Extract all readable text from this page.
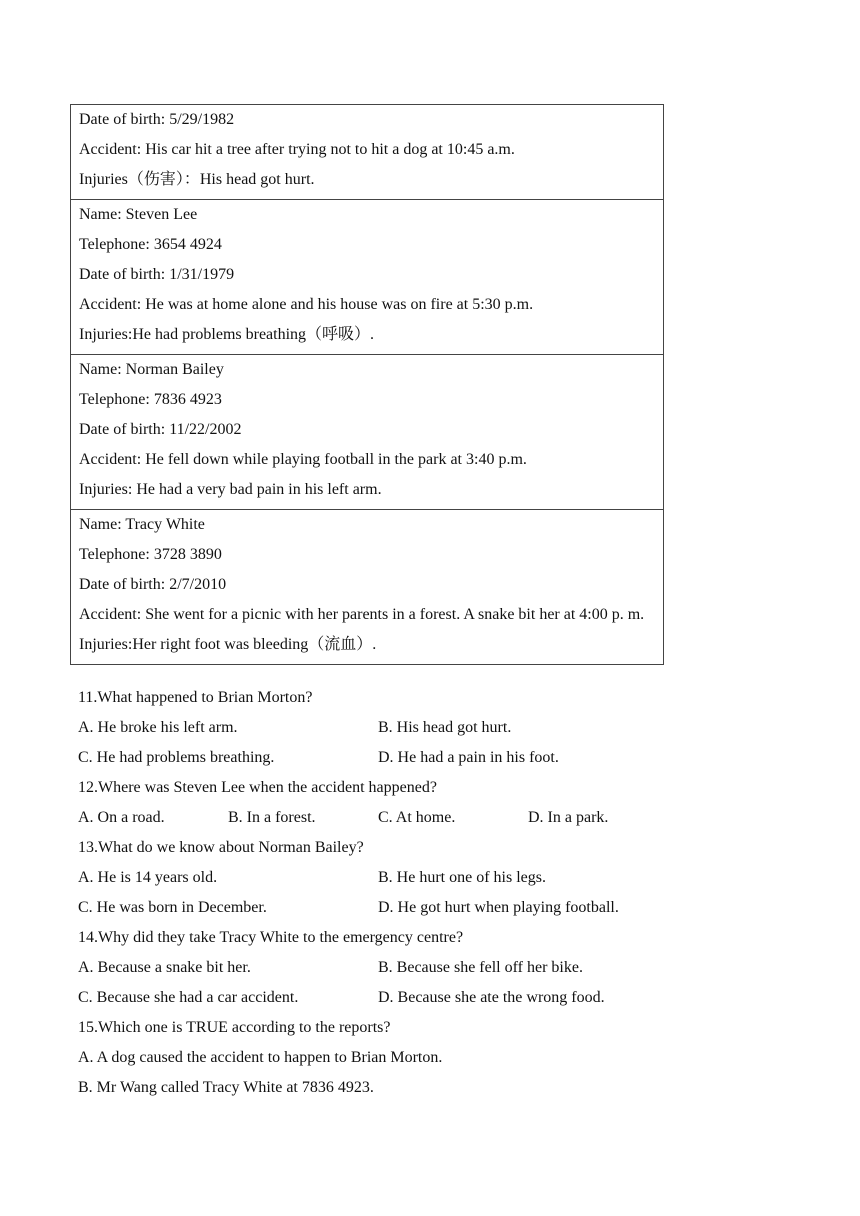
Date of birth: 5/29/1982
Accident: His car hit a tree after trying not to hit a dog at 10:45 a.m.
Injuries（伤害）：His head got hurt.
Name: Steven Lee
Telephone: 3654 4924
Date of birth: 1/31/1979
Accident: He was at home alone and his house was on fire at 5:30 p.m.
Injuries:He had problems breathing（呼吸）.
Name: Norman Bailey
Telephone: 7836 4923
Date of birth: 11/22/2002
Accident: He fell down while playing football in the park at 3:40 p.m.
Injuries: He had a very bad pain in his left arm.
Name: Tracy White
Telephone: 3728 3890
Date of birth: 2/7/2010
Accident: She went for a picnic with her parents in a forest. A snake bit her at 4:00 p. m.
Injuries:Her right foot was bleeding（流血）.
11.What happened to Brian Morton?
A. He broke his left arm.	B. His head got hurt.
C. He had problems breathing.	D. He had a pain in his foot.
12.Where was Steven Lee when the accident happened?
A. On a road.	B. In a forest.	C. At home.	D. In a park.
13.What do we know about Norman Bailey?
A. He is 14 years old.	B. He hurt one of his legs.
C. He was born in December.	D. He got hurt when playing football.
14.Why did they take Tracy White to the emergency centre?
A. Because a snake bit her.	B. Because she fell off her bike.
C. Because she had a car accident.	D. Because she ate the wrong food.
15.Which one is TRUE according to the reports?
A. A dog caused the accident to happen to Brian Morton.
B. Mr Wang called Tracy White at 7836 4923.
